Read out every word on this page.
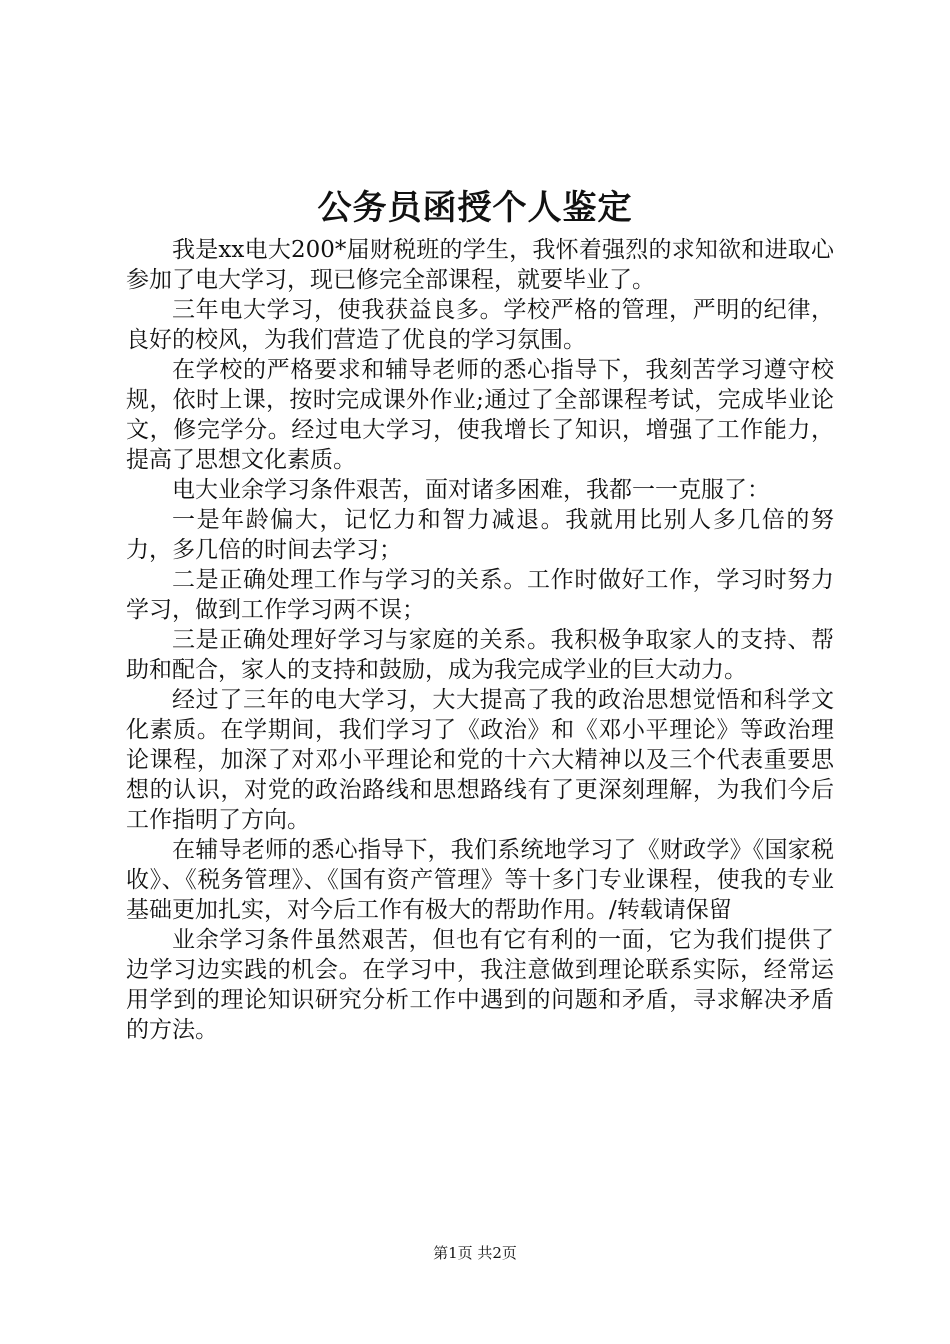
公务员函授个人鉴定

我是xx电大200*届财税班的学生，我怀着强烈的求知欲和进取心参加了电大学习，现已修完全部课程，就要毕业了。

三年电大学习，使我获益良多。学校严格的管理，严明的纪律，良好的校风，为我们营造了优良的学习氛围。

在学校的严格要求和辅导老师的悉心指导下，我刻苦学习遵守校规，依时上课，按时完成课外作业;通过了全部课程考试，完成毕业论文，修完学分。经过电大学习，使我增长了知识，增强了工作能力，提高了思想文化素质。

电大业余学习条件艰苦，面对诸多困难，我都一一克服了：

一是年龄偏大，记忆力和智力减退。我就用比别人多几倍的努力，多几倍的时间去学习；

二是正确处理工作与学习的关系。工作时做好工作，学习时努力学习，做到工作学习两不误；

三是正确处理好学习与家庭的关系。我积极争取家人的支持、帮助和配合，家人的支持和鼓励，成为我完成学业的巨大动力。

经过了三年的电大学习，大大提高了我的政治思想觉悟和科学文化素质。在学期间，我们学习了《政治》和《邓小平理论》等政治理论课程，加深了对邓小平理论和党的十六大精神以及三个代表重要思想的认识，对党的政治路线和思想路线有了更深刻理解，为我们今后工作指明了方向。

在辅导老师的悉心指导下，我们系统地学习了《财政学》《国家税收》、《税务管理》、《国有资产管理》等十多门专业课程，使我的专业基础更加扎实，对今后工作有极大的帮助作用。/转载请保留

业余学习条件虽然艰苦，但也有它有利的一面，它为我们提供了边学习边实践的机会。在学习中，我注意做到理论联系实际，经常运用学到的理论知识研究分析工作中遇到的问题和矛盾，寻求解决矛盾的方法。

第1页 共2页
